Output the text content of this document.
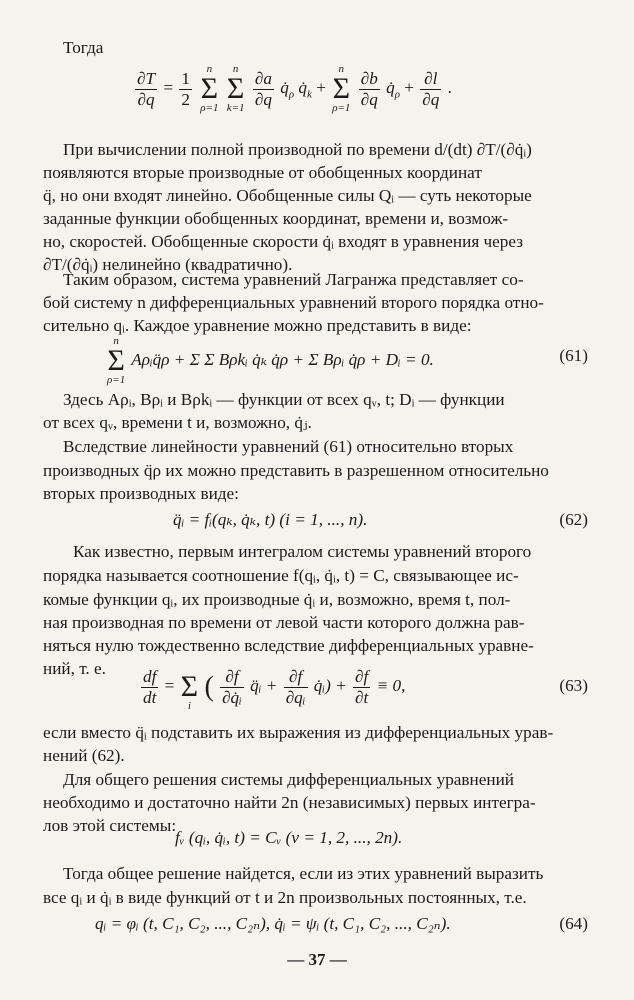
Тогда
$\frac{\partial T}{\partial q} = \frac{1}{2}$
	n
Σ
ρ=1

n
Σ
k=1
$\frac{\partial a}{\partial q}$ $q̇_\rho$ $q̇_k$ +
n
Σ
ρ=1
$\frac{\partial b}{\partial q}$ $q̇_\rho + \frac{\partial l}{\partial q}$ .
При вычислении полной производной по времени d/(dt) ∂T/(∂q̇ᵢ)
появляются вторые производные от обобщенных координат
q̈, но они входят линейно. Обобщенные силы Qᵢ — суть некоторые
заданные функции обобщенных координат, времени и, возмож-
но, скоростей. Обобщенные скорости q̇ᵢ входят в уравнения через
∂T/(∂q̇ᵢ) нелинейно (квадратично).
Таким образом, система уравнений Лагранжа представляет со-
бой систему n дифференциальных уравнений второго порядка отно-
сительно qᵢ. Каждое уравнение можно представить в виде:
n
Σ
ρ=1
Aρᵢq̈ρ + Σ Σ Bρkᵢ q̇ₖ q̇ρ + Σ Bρᵢ q̇ρ + Dᵢ = 0.	(61)
Здесь Aρᵢ, Bρᵢ и Bρkᵢ — функции от всех qᵥ, t; Dᵢ — функции
от всех qᵥ, времени t и, возможно, q̇ⱼ.
Вследствие линейности уравнений (61) относительно вторых
производных q̈ρ их можно представить в разрешенном относительно
вторых производных виде:
q̈ᵢ = fᵢ(qₖ, q̇ₖ, t) (i = 1, ..., n).	(62)
Как известно, первым интегралом системы уравнений второго
порядка называется соотношение f(qᵢ, q̇ᵢ, t) = C, связывающее ис-
комые функции qᵢ, их производные q̇ᵢ и, возможно, время t, пол-
ная производная по времени от левой части которого должна рав-
няться нулю тождественно вследствие дифференциальных уравне-
ний, т. е.	$\frac{df}{dt}$ =
Σ
i
( $\frac{\partial f}{\text{∂q̇ᵢ}}$ q̈ᵢ + $\frac{\partial f}{\text{∂qᵢ}}$ q̇ᵢ) + $\frac{\partial f}{\partial t} \equiv 0$,	(63)
если вместо q̈ᵢ подставить их выражения из дифференциальных урав-
нений (62).
Для общего решения системы дифференциальных уравнений
необходимо и достаточно найти 2n (независимых) первых интегра-
лов этой системы:
fᵥ (qᵢ, q̇ᵢ, t) = Cᵥ (ν = 1, 2, ..., 2n).
Тогда общее решение найдется, если из этих уравнений выразить
все qᵢ и q̇ᵢ в виде функций от t и 2n произвольных постоянных, т.е.
qᵢ = φᵢ (t, C₁, C₂, ..., C₂ₙ), q̇ᵢ = ψᵢ (t, C₁, C₂, ..., C₂ₙ).	(64)
— 37 —
